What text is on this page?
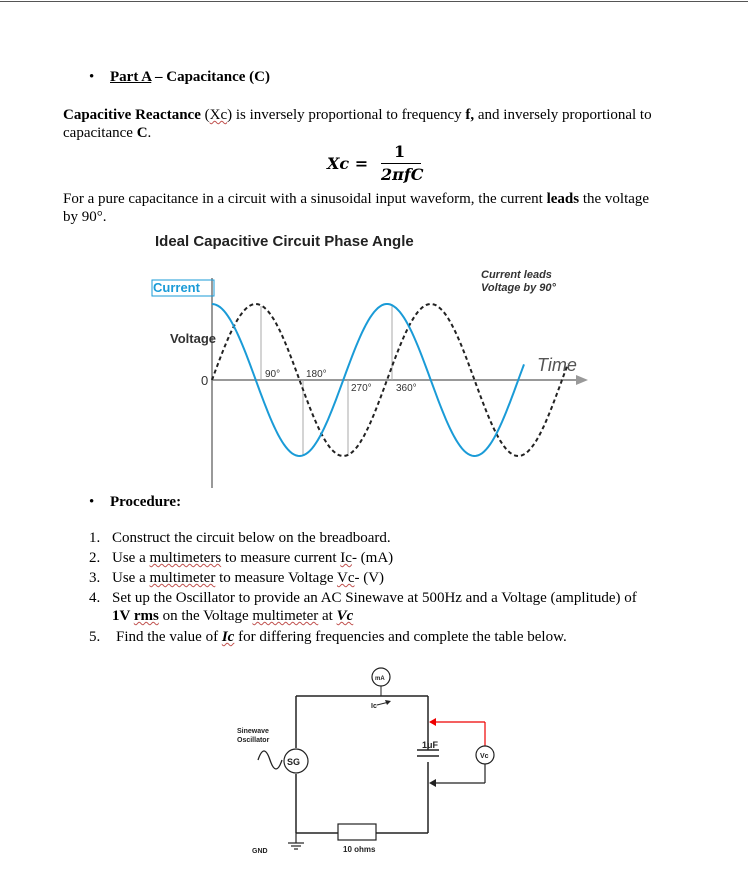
• Part A – Capacitance (C)
Capacitive Reactance (Xc) is inversely proportional to frequency f, and inversely proportional to
capacitance C.
Xc =
1
2πfC
For a pure capacitance in a circuit with a sinusoidal input waveform, the current leads the voltage
by 90°.
Ideal Capacitive Circuit Phase Angle
Current
Voltage
0	90°	180°
270° 360°
Time
Current leads
Voltage by 90°
• Procedure:
1. Construct the circuit below on the breadboard.
2. Use a multimeters to measure current Ic- (mA)
3. Use a multimeter to measure Voltage Vc- (V)
4. Set up the Oscillator to provide an AC Sinewave at 500Hz and a Voltage (amplitude) of
1V rms on the Voltage multimeter at Vc
5. Find the value of Ic for differing frequencies and complete the table below.
1uF
SG
Sinewave
Oscillator
10 ohms
GND
mA
Ic
Vc
